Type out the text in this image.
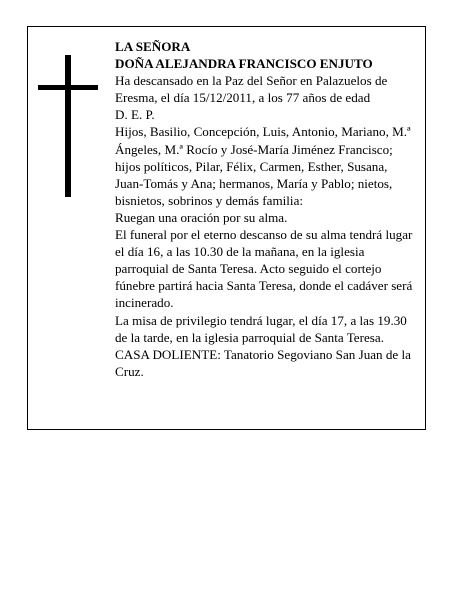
LA SEÑORA

DOÑA ALEJANDRA FRANCISCO ENJUTO

Ha descansado en la Paz del Señor en Palazuelos de Eresma, el día 15/12/2011, a los 77 años de edad

D. E. P.

Hijos, Basilio, Concepción, Luis, Antonio, Mariano, M.ª Ángeles, M.ª Rocío y José-María Jiménez Francisco; hijos políticos, Pilar, Félix, Carmen, Esther, Susana, Juan-Tomás y Ana; hermanos, María y Pablo; nietos, bisnietos, sobrinos y demás familia:

Ruegan una oración por su alma.

El funeral por el eterno descanso de su alma tendrá lugar el día 16, a las 10.30 de la mañana, en la iglesia parroquial de Santa Teresa. Acto seguido el cortejo fúnebre partirá hacia Santa Teresa, donde el cadáver será incinerado.

La misa de privilegio tendrá lugar, el día 17, a las 19.30 de la tarde, en la iglesia parroquial de Santa Teresa.

CASA DOLIENTE: Tanatorio Segoviano San Juan de la Cruz.
